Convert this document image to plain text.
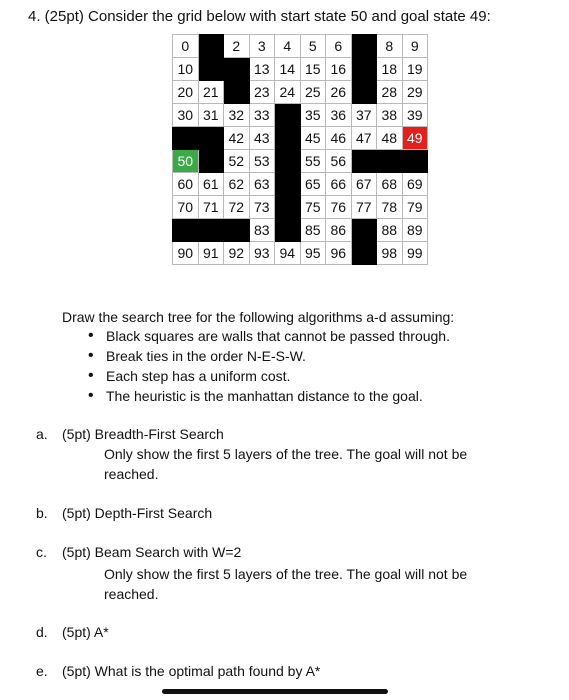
4. (25pt) Consider the grid below with start state 50 and goal state 49:
0		2	3	4	5	6		8	9
10			13	14	15	16		18	19
20	21		23	24	25	26		28	29
30	31	32	33		35	36	37	38	39
		42	43		45	46	47	48	49
50		52	53		55	56			
60	61	62	63		65	66	67	68	69
70	71	72	73		75	76	77	78	79
			83		85	86		88	89
90	91	92	93	94	95	96		98	99
Draw the search tree for the following algorithms a-d assuming:
• Black squares are walls that cannot be passed through.
• Break ties in the order N-E-S-W.
• Each step has a uniform cost.
• The heuristic is the manhattan distance to the goal.
a. (5pt) Breadth-First Search
Only show the first 5 layers of the tree. The goal will not be reached.
b. (5pt) Depth-First Search
c. (5pt) Beam Search with W=2
Only show the first 5 layers of the tree. The goal will not be reached.
d. (5pt) A*
e. (5pt) What is the optimal path found by A*
